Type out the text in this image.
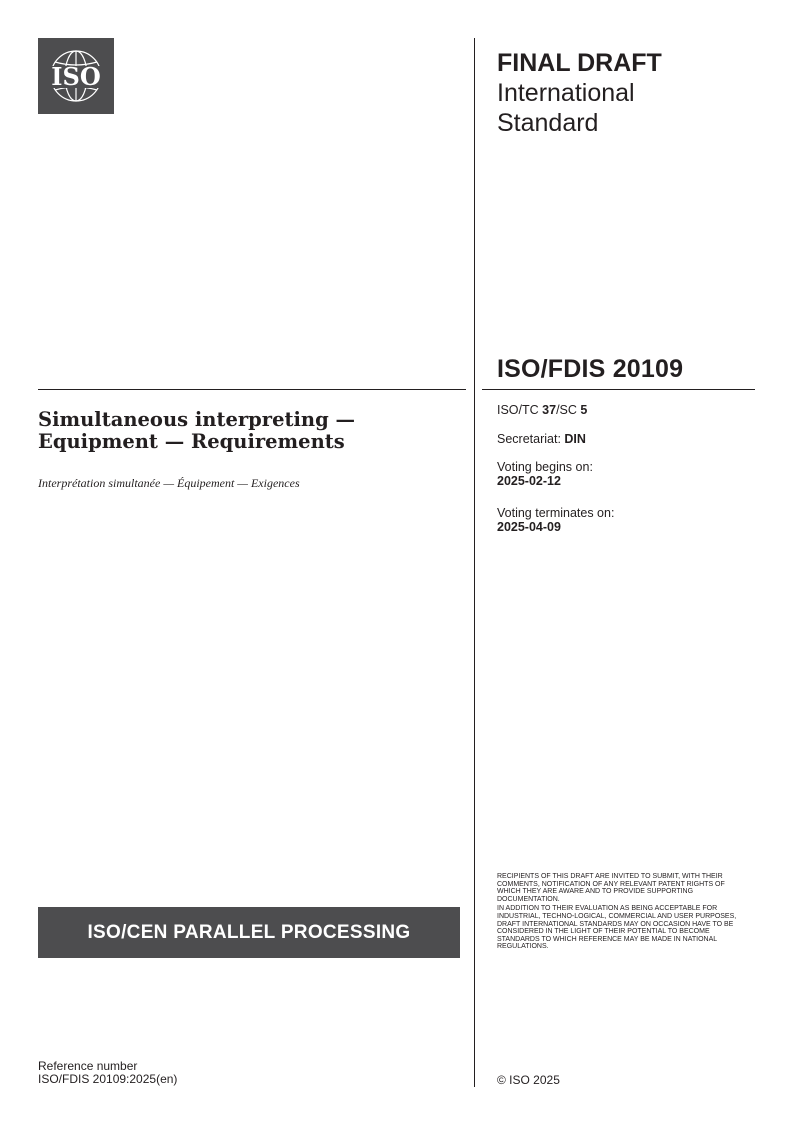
ISO	FINAL DRAFT
International
Standard
ISO/FDIS 20109
Simultaneous interpreting —
Equipment — Requirements
Interprétation simultanée — Équipement — Exigences
ISO/TC 37/SC 5
Secretariat: DIN
Voting begins on:
2025-02-12
Voting terminates on:
2025-04-09

RECIPIENTS OF THIS DRAFT ARE INVITED TO SUBMIT, WITH THEIR COMMENTS, NOTIFICATION OF ANY RELEVANT PATENT RIGHTS OF WHICH THEY ARE AWARE AND TO PROVIDE SUPPORTING DOCUMENTATION.

IN ADDITION TO THEIR EVALUATION AS BEING ACCEPTABLE FOR INDUSTRIAL, TECHNO-LOGICAL, COMMERCIAL AND USER PURPOSES, DRAFT INTERNATIONAL STANDARDS MAY ON OCCASION HAVE TO BE CONSIDERED IN THE LIGHT OF THEIR POTENTIAL TO BECOME STANDARDS TO WHICH REFERENCE MAY BE MADE IN NATIONAL REGULATIONS.

ISO/CEN PARALLEL PROCESSING
Reference number
ISO/FDIS 20109:2025(en)	© ISO 2025
